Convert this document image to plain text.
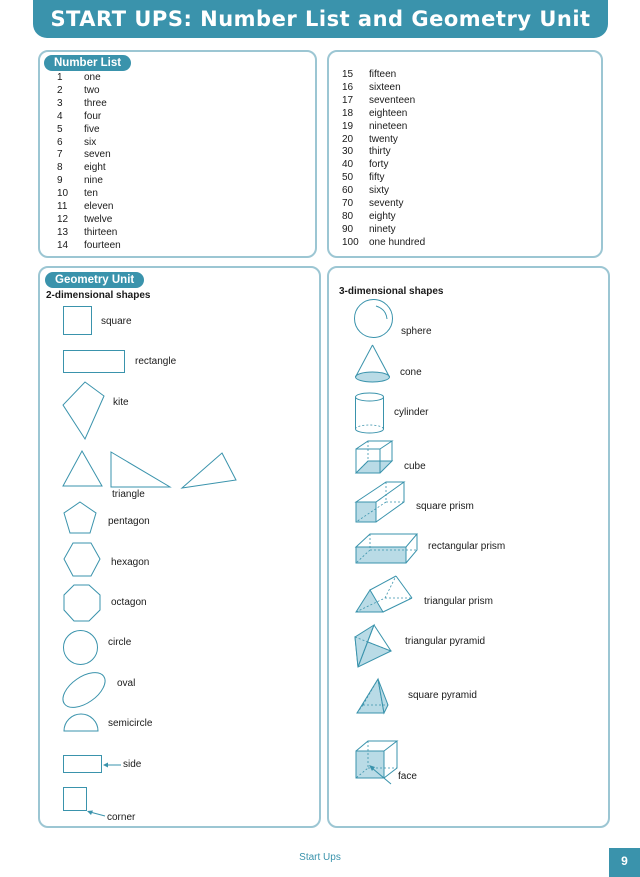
START UPS: Number List and Geometry Unit
Number List
1 one
2 two
3 three
4 four
5 five
6 six
7 seven
8 eight
9 nine
10 ten
11 eleven
12 twelve
13 thirteen
14 fourteen
15 fifteen
16 sixteen
17 seventeen
18 eighteen
19 nineteen
20 twenty
30 thirty
40 forty
50 fifty
60 sixty
70 seventy
80 eighty
90 ninety
100 one hundred
Geometry Unit
2-dimensional shapes	3-dimensional shapes
square
rectangle
kite
triangle
pentagon
hexagon
octagon
circle
oval
semicircle
side
corner
sphere
cone
cylinder
cube
square prism
rectangular prism
triangular prism
triangular pyramid
square pyramid
face
Start Ups	9
